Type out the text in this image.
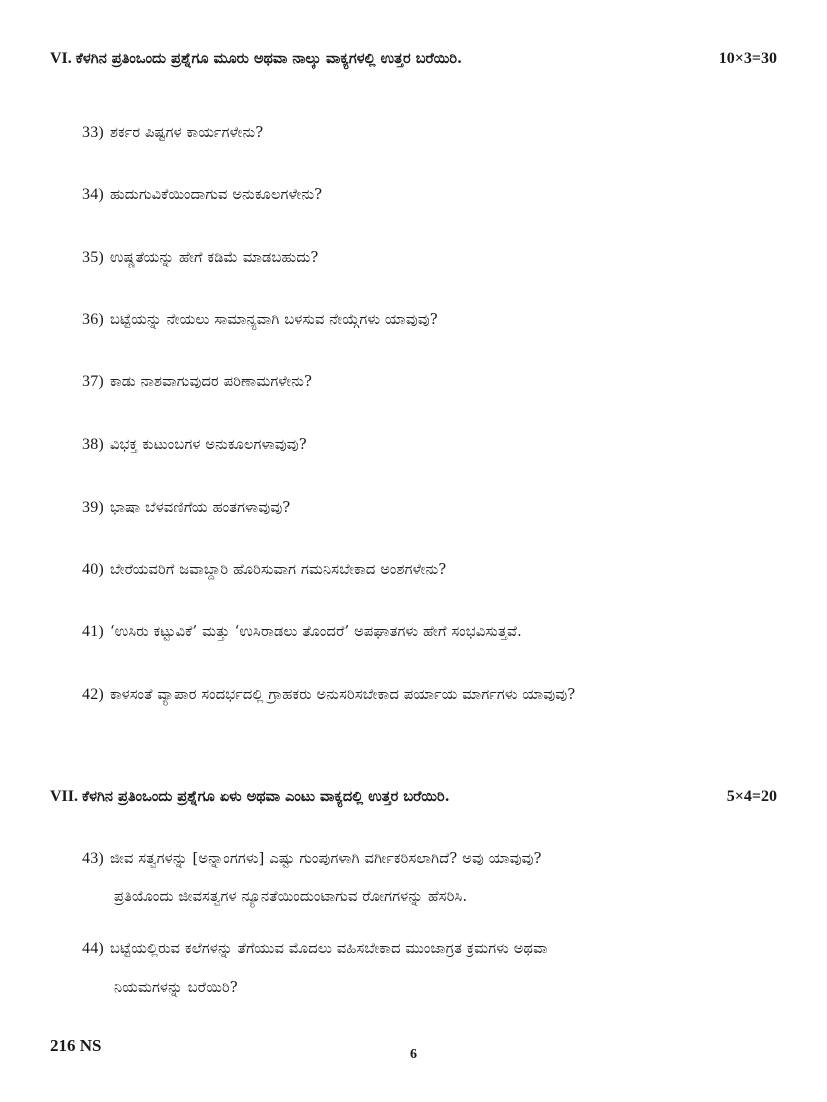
VI. ಕೆಳಗಿನ ಪ್ರತಿಂಒಂದು ಪ್ರಶ್ನೆಗೂ ಮೂರು ಅಥವಾ ನಾಲ್ಕು ವಾಕ್ಯಗಳಲ್ಲಿ ಉತ್ತರ ಬರೆಯಿರಿ.	10×3=30
33) ಶರ್ಕರ ಪಿಷ್ಟಗಳ ಕಾರ್ಯಗಳೇನು?
34) ಹುದುಗುವಿಕೆಯಿಂದಾಗುವ ಅನುಕೂಲಗಳೇನು?
35) ಉಷ್ಣತೆಯನ್ನು ಹೇಗೆ ಕಡಿಮೆ ಮಾಡಬಹುದು?
36) ಬಟ್ಟೆಯನ್ನು ನೇಯಲು ಸಾಮಾನ್ಯವಾಗಿ ಬಳಸುವ ನೇಯ್ಗೆಗಳು ಯಾವುವು?
37) ಕಾಡು ನಾಶವಾಗುವುದರ ಪರಿಣಾಮಗಳೇನು?
38) ವಿಭಕ್ತ ಕುಟುಂಬಗಳ ಅನುಕೂಲಗಳಾವುವು?
39) ಭಾಷಾ ಬೆಳವಣಿಗೆಯ ಹಂತಗಳಾವುವು?
40) ಬೇರೆಯವರಿಗೆ ಜವಾಬ್ದಾರಿ ಹೊರಿಸುವಾಗ ಗಮನಿಸಬೇಕಾದ ಅಂಶಗಳೇನು?
41) ‘ಉಸಿರು ಕಟ್ಟುವಿಕೆ’ ಮತ್ತು ‘ಉಸಿರಾಡಲು ತೊಂದರೆ’ ಅಪಘಾತಗಳು ಹೇಗೆ ಸಂಭವಿಸುತ್ತವೆ.
42) ಕಾಳಸಂತೆ ವ್ಯಾಪಾರ ಸಂದರ್ಭದಲ್ಲಿ ಗ್ರಾಹಕರು ಅನುಸರಿಸಬೇಕಾದ ಪರ್ಯಾಯ ಮಾರ್ಗಗಳು ಯಾವುವು?
VII. ಕೆಳಗಿನ ಪ್ರತಿಂಒಂದು ಪ್ರಶ್ನೆಗೂ ಏಳು ಅಥವಾ ಎಂಟು ವಾಕ್ಯದಲ್ಲಿ ಉತ್ತರ ಬರೆಯಿರಿ.	5×4=20
43) ಜೀವ ಸತ್ವಗಳನ್ನು [ಅನ್ನಾಂಗಗಳು] ಎಷ್ಟು ಗುಂಪುಗಳಾಗಿ ವರ್ಗೀಕರಿಸಲಾಗಿದೆ? ಅವು ಯಾವುವು?
ಪ್ರತಿಯೊಂದು ಜೀವಸತ್ವಗಳ ನ್ಯೂನತೆಯಿಂದುಂಟಾಗುವ ರೋಗಗಳನ್ನು ಹೆಸರಿಸಿ.
44) ಬಟ್ಟೆಯಲ್ಲಿರುವ ಕಲೆಗಳನ್ನು ತೆಗೆಯುವ ಮೊದಲು ವಹಿಸಬೇಕಾದ ಮುಂಜಾಗ್ರತ ಕ್ರಮಗಳು ಅಥವಾ
ನಿಯಮಗಳನ್ನು ಬರೆಯಿರಿ?
216 NS	6
